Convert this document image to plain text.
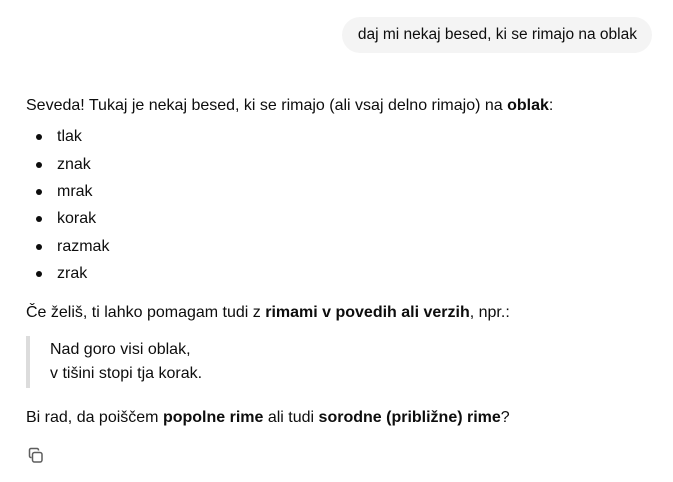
daj mi nekaj besed, ki se rimajo na oblak
Seveda! Tukaj je nekaj besed, ki se rimajo (ali vsaj delno rimajo) na oblak:
tlak
znak
mrak
korak
razmak
zrak
Če želiš, ti lahko pomagam tudi z rimami v povedih ali verzih, npr.:
Nad goro visi oblak,
v tišini stopi tja korak.
Bi rad, da poiščem popolne rime ali tudi sorodne (približne) rime?
